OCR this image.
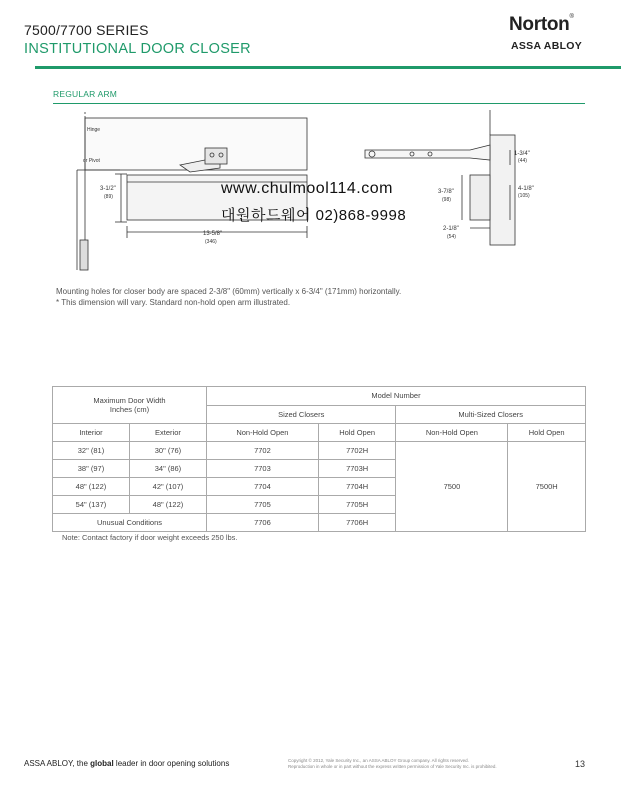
7500/7700 SERIES
INSTITUTIONAL DOOR CLOSER
Norton®
ASSA ABLOY
REGULAR ARM
Hinge
or Pivot
3-1/2"
(89)
13-5/8"
(346)
1-3/4"
(44)
4-1/8"
(105)
3-7/8"
(98)
2-1/8"
(54)
www.chulmool114.com
대원하드웨어 02)868-9998
Mounting holes for closer body are spaced 2-3/8" (60mm) vertically x 6-3/4" (171mm) horizontally.
* This dimension will vary. Standard non-hold open arm illustrated.
Maximum Door Width
Inches (cm)		Model Number			
		Sized Closers		Multi-Sized Closers	
Interior	Exterior	Non-Hold Open	Hold Open	Non-Hold Open	Hold Open
32" (81)	30" (76)	7702	7702H	7500	7500H
38" (97)	34" (86)	7703	7703H		
48" (122)	42" (107)	7704	7704H		
54" (137)	48" (122)	7705	7705H		
Unusual Conditions		7706	7706H		
Note: Contact factory if door weight exceeds 250 lbs.
ASSA ABLOY, the global leader in door opening solutions	Copyright © 2012, Yale Security Inc., an ASSA ABLOY Group company. All rights reserved.
Reproduction in whole or in part without the express written permission of Yale Security Inc. is prohibited.	13
